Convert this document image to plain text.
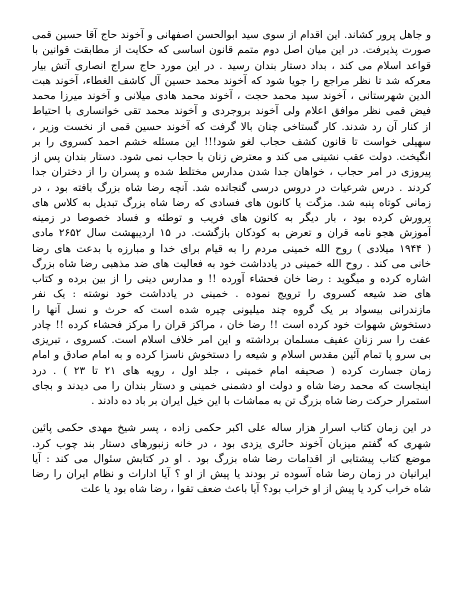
و جاهل پرور کشاند. این اقدام از سوی سید ابوالحسن اصفهانی و آخوند حاج آقا حسین قمی
صورت پذیرفت. در این میان اصل دوم متمم قانون اساسی که حکایت از مطابقت قوانین با
قواعد اسلام می کند ، بداد دستار بندان رسید . در این مورد حاج سراج انصاری آتش بیار
معرکه شد تا نظر مراجع را جویا شود که آخوند محمد حسین آل کاشف الغطاء، آخوند هبت
الدین شهرستانی ، آخوند سید محمد حجت ، آخوند محمد هادی میلانی و آخوند میرزا محمد
فیض قمی نظر موافق اعلام ولی آخوند بروجردی و آخوند محمد تقی خوانساری با احتیاط
از کنار آن رد شدند. کار گستاخی چنان بالا گرفت که آخوند حسین قمی از نخست وزیر ،
سهیلی خواست تا قانون کشف حجاب لغو شود!!! این مسئله خشم احمد کسروی را بر
انگیخت. دولت عقب نشینی می کند و معترض زنان با حجاب نمی شود. دستار بندان پس از
پیروزی در امر حجاب ، خواهان جدا شدن مدارس مختلط شده و پسران را از دختران جدا
کردند . درس شرعیات در دروس درسی گنجانده شد. آنچه رضا شاه بزرگ بافته بود ، در
زمانی کوتاه پنبه شد. مزگت یا کانون های فسادی که رضا شاه بزرگ تبدیل به کلاس های
پرورش کرده بود ، بار دیگر به کانون های فریب و توطئه و فساد خصوصا در زمینه
آموزش هجو نامه قران و تعرض به کودکان بازگشت. در ۱۵ اردیبهشت سال ۲۶۵۲ مادی
( ۱۹۴۴ میلادی ) روح الله خمینی مردم را به قیام برای خدا و مبارزه با بدعت های رضا
خانی می کند . روح الله خمینی در یادداشت خود به فعالیت های ضد مذهبی رضا شاه بزرگ
اشاره کرده و میگوید : رضا خان فحشاء آورده !! و مدارس دینی را از بین برده و کتاب
های ضد شیعه کسروی را ترویج نموده . خمینی در یادداشت خود نوشته : یک نفر
مازندرانی بیسواد بر یک گروه چند میلیونی چیره شده است که حرث و نسل آنها را
دستخوش شهوات خود کرده است !! رضا خان ، مراکز قران را مرکز فحشاء کرده !! چادر
عفت را سر زنان عفیف مسلمان برداشته و این امر خلاف اسلام است. کسروی ، تبریزی
بی سرو پا تمام آئین مقدس اسلام و شیعه را دستخوش ناسزا کرده و به امام صادق و امام
زمان جسارت کرده ( صحیفه امام خمینی ، جلد اول ، رویه های ۲۱ تا ۲۳ ) . درد
اینجاست که محمد رضا شاه و دولت او دشمنی خمینی و دستار بندان را می دیدند و بجای
استمرار حرکت رضا شاه بزرگ تن به مماشات با این خیل ایران بر باد ده دادند .
در این زمان کتاب اسرار هزار ساله علی اکبر حکمی زاده ، پسر شیخ مهدی حکمی پائین
شهری که گفتم میزبان آخوند حائری یزدی بود ، در خانه زنبورهای دستار بند چوب کرد.
موضع کتاب پیشتابی از اقدامات رضا شاه بزرگ بود . او در کتابش سئوال می کند : آیا
ایرانیان در زمان رضا شاه آسوده تر بودند یا پیش از او ؟ آیا ادارات و نظام ایران را رضا
شاه خراب کرد یا پیش از او خراب بود؟ آیا باعث ضعف تقوا ، رضا شاه بود یا علت
